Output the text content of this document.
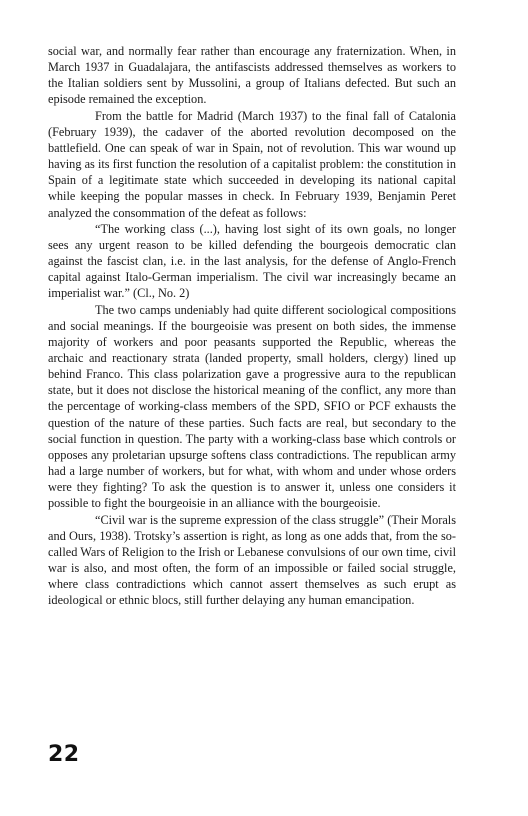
social war, and normally fear rather than encourage any fraternization. When, in March 1937 in Guadalajara, the antifascists addressed themselves as workers to the Italian soldiers sent by Mussolini, a group of Italians defected. But such an episode remained the exception.

From the battle for Madrid (March 1937) to the final fall of Catalonia (February 1939), the cadaver of the aborted revolution decomposed on the battlefield. One can speak of war in Spain, not of revolution. This war wound up having as its first function the resolution of a capitalist problem: the constitution in Spain of a legitimate state which succeeded in developing its national capital while keeping the popular masses in check. In February 1939, Benjamin Peret analyzed the consommation of the defeat as follows:

“The working class (...), having lost sight of its own goals, no longer sees any urgent reason to be killed defending the bourgeois democratic clan against the fascist clan, i.e. in the last analysis, for the defense of Anglo-French capital against Italo-German imperialism. The civil war increasingly became an imperialist war.” (Cl., No. 2)

The two camps undeniably had quite different sociological compositions and social meanings. If the bourgeoisie was present on both sides, the immense majority of workers and poor peasants supported the Republic, whereas the archaic and reactionary strata (landed property, small holders, clergy) lined up behind Franco. This class polarization gave a progressive aura to the republican state, but it does not disclose the historical meaning of the conflict, any more than the percentage of working-class members of the SPD, SFIO or PCF exhausts the question of the nature of these parties. Such facts are real, but secondary to the social function in question. The party with a working-class base which controls or opposes any proletarian upsurge softens class contradictions. The republican army had a large number of workers, but for what, with whom and under whose orders were they fighting? To ask the question is to answer it, unless one considers it possible to fight the bourgeoisie in an alliance with the bourgeoisie.

“Civil war is the supreme expression of the class struggle” (Their Morals and Ours, 1938). Trotsky’s assertion is right, as long as one adds that, from the so-called Wars of Religion to the Irish or Lebanese convulsions of our own time, civil war is also, and most often, the form of an impossible or failed social struggle, where class contradictions which cannot assert themselves as such erupt as ideological or ethnic blocs, still further delaying any human emancipation.

22
